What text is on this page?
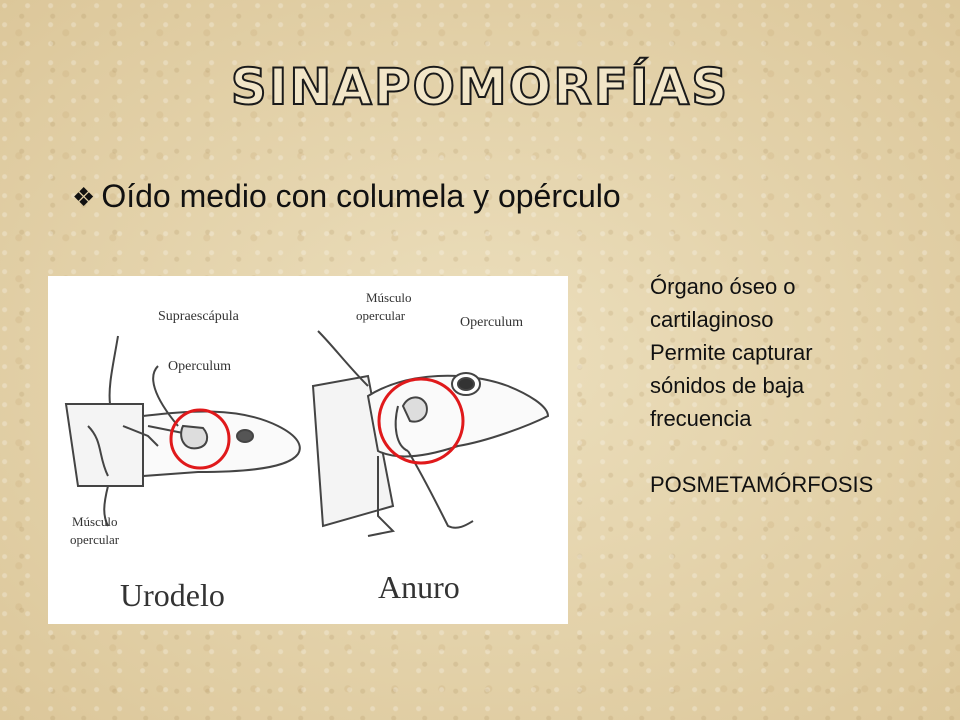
SINAPOMORFÍAS
❖ Oído medio con columela y opérculo
Supraescápula
Operculum
Músculo
opercular
Músculo
opercular	Operculum
Urodelo	Anuro
Órgano óseo o
cartilaginoso
Permite capturar
sónidos de baja
frecuencia
POSMETAMÓRFOSIS
